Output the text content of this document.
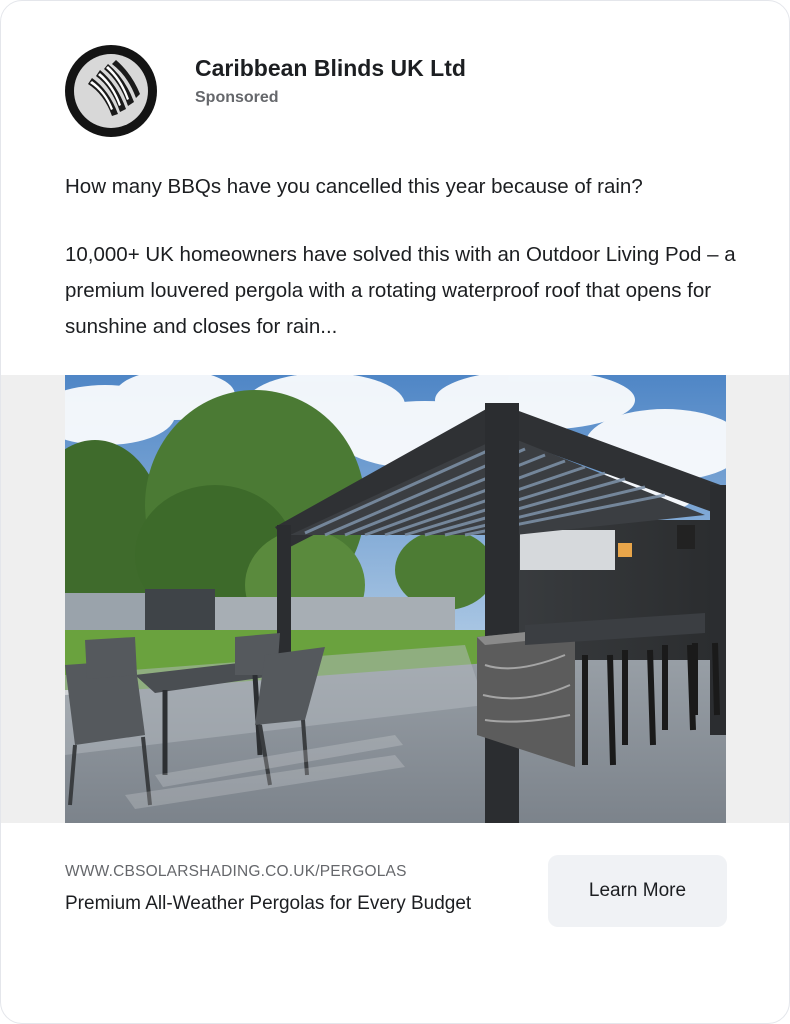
Caribbean Blinds UK Ltd
Sponsored

How many BBQs have you cancelled this year because of rain?

10,000+ UK homeowners have solved this with an Outdoor Living Pod – a premium louvered pergola with a rotating waterproof roof that opens for sunshine and closes for rain...

WWW.CBSOLARSHADING.CO.UK/PERGOLAS
Premium All-Weather Pergolas for Every Budget
Learn More
